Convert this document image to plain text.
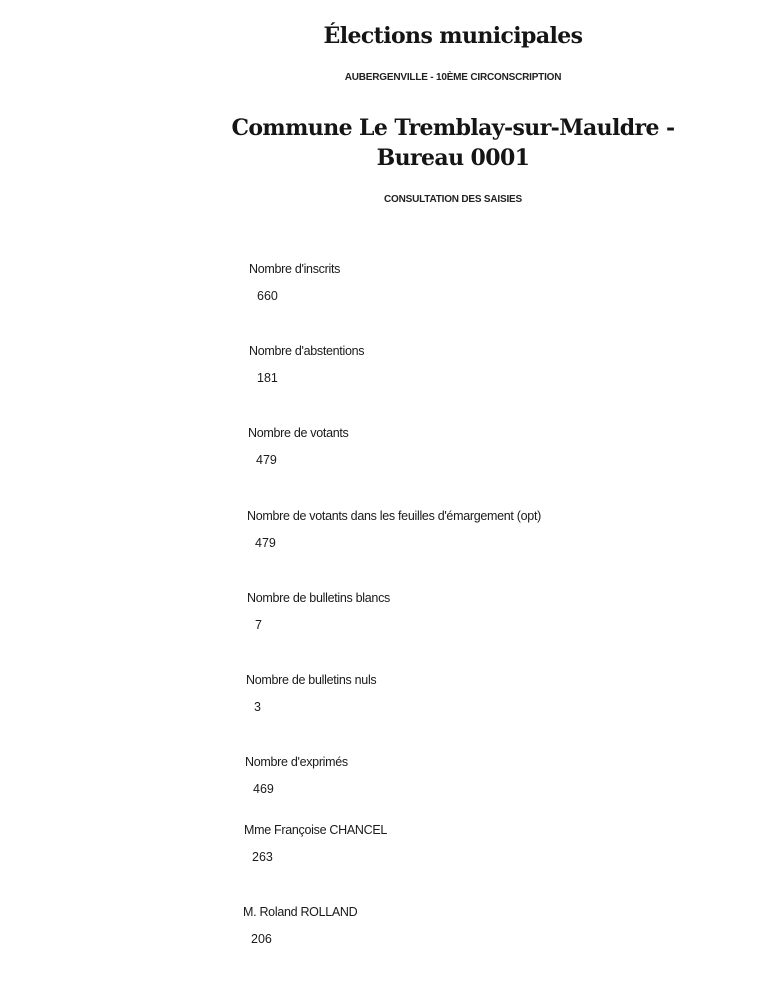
Élections municipales
AUBERGENVILLE - 10ÈME CIRCONSCRIPTION
Commune Le Tremblay-sur-Mauldre -
Bureau 0001
CONSULTATION DES SAISIES
Nombre d'inscrits
660
Nombre d'abstentions
181
Nombre de votants
479
Nombre de votants dans les feuilles d'émargement (opt)
479
Nombre de bulletins blancs
7
Nombre de bulletins nuls
3
Nombre d'exprimés
469
Mme Françoise CHANCEL
263
M. Roland ROLLAND
206
